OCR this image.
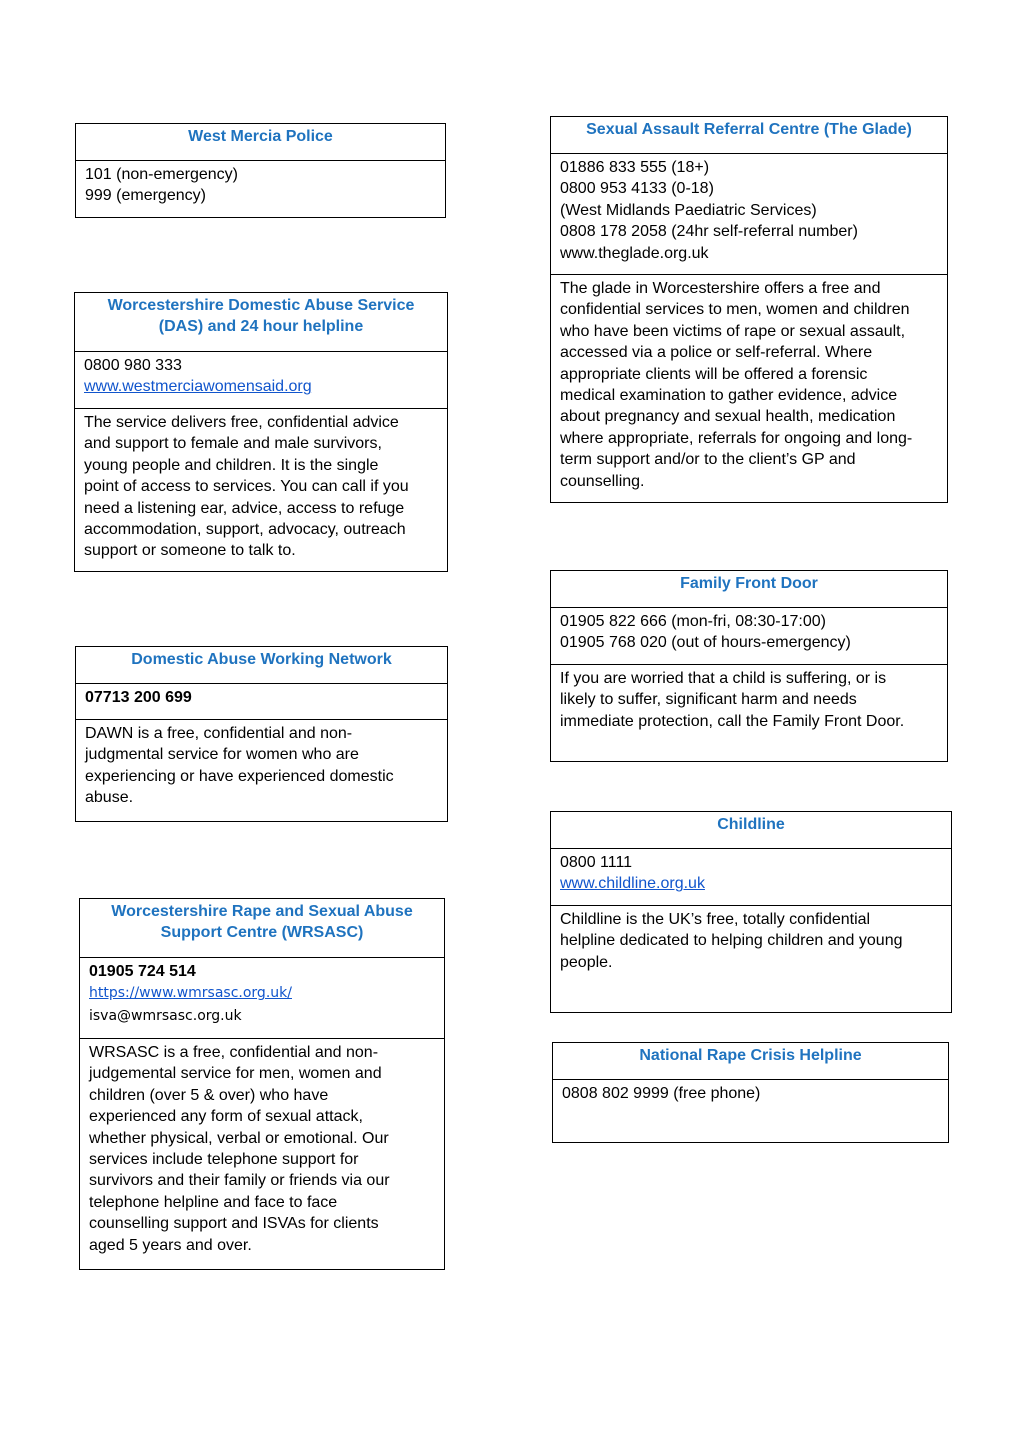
West Mercia Police
101 (non-emergency)
999 (emergency)
Worcestershire Domestic Abuse Service
(DAS) and 24 hour helpline
0800 980 333
www.westmerciawomensaid.org
The service delivers free, confidential advice
and support to female and male survivors,
young people and children. It is the single
point of access to services. You can call if you
need a listening ear, advice, access to refuge
accommodation, support, advocacy, outreach
support or someone to talk to.
Domestic Abuse Working Network
07713 200 699
DAWN is a free, confidential and non-
judgmental service for women who are
experiencing or have experienced domestic
abuse.
Worcestershire Rape and Sexual Abuse
Support Centre (WRSASC)
01905 724 514
https://www.wmrsasc.org.uk/
isva@wmrsasc.org.uk
WRSASC is a free, confidential and non-
judgemental service for men, women and
children (over 5 & over) who have
experienced any form of sexual attack,
whether physical, verbal or emotional. Our
services include telephone support for
survivors and their family or friends via our
telephone helpline and face to face
counselling support and ISVAs for clients
aged 5 years and over.
Sexual Assault Referral Centre (The Glade)
01886 833 555 (18+)
0800 953 4133 (0-18)
(West Midlands Paediatric Services)
0808 178 2058 (24hr self-referral number)
www.theglade.org.uk
The glade in Worcestershire offers a free and
confidential services to men, women and children
who have been victims of rape or sexual assault,
accessed via a police or self-referral. Where
appropriate clients will be offered a forensic
medical examination to gather evidence, advice
about pregnancy and sexual health, medication
where appropriate, referrals for ongoing and long-
term support and/or to the client’s GP and
counselling.
Family Front Door
01905 822 666 (mon-fri, 08:30-17:00)
01905 768 020 (out of hours-emergency)
If you are worried that a child is suffering, or is
likely to suffer, significant harm and needs
immediate protection, call the Family Front Door.
Childline
0800 1111
www.childline.org.uk
Childline is the UK’s free, totally confidential
helpline dedicated to helping children and young
people.
National Rape Crisis Helpline
0808 802 9999 (free phone)
